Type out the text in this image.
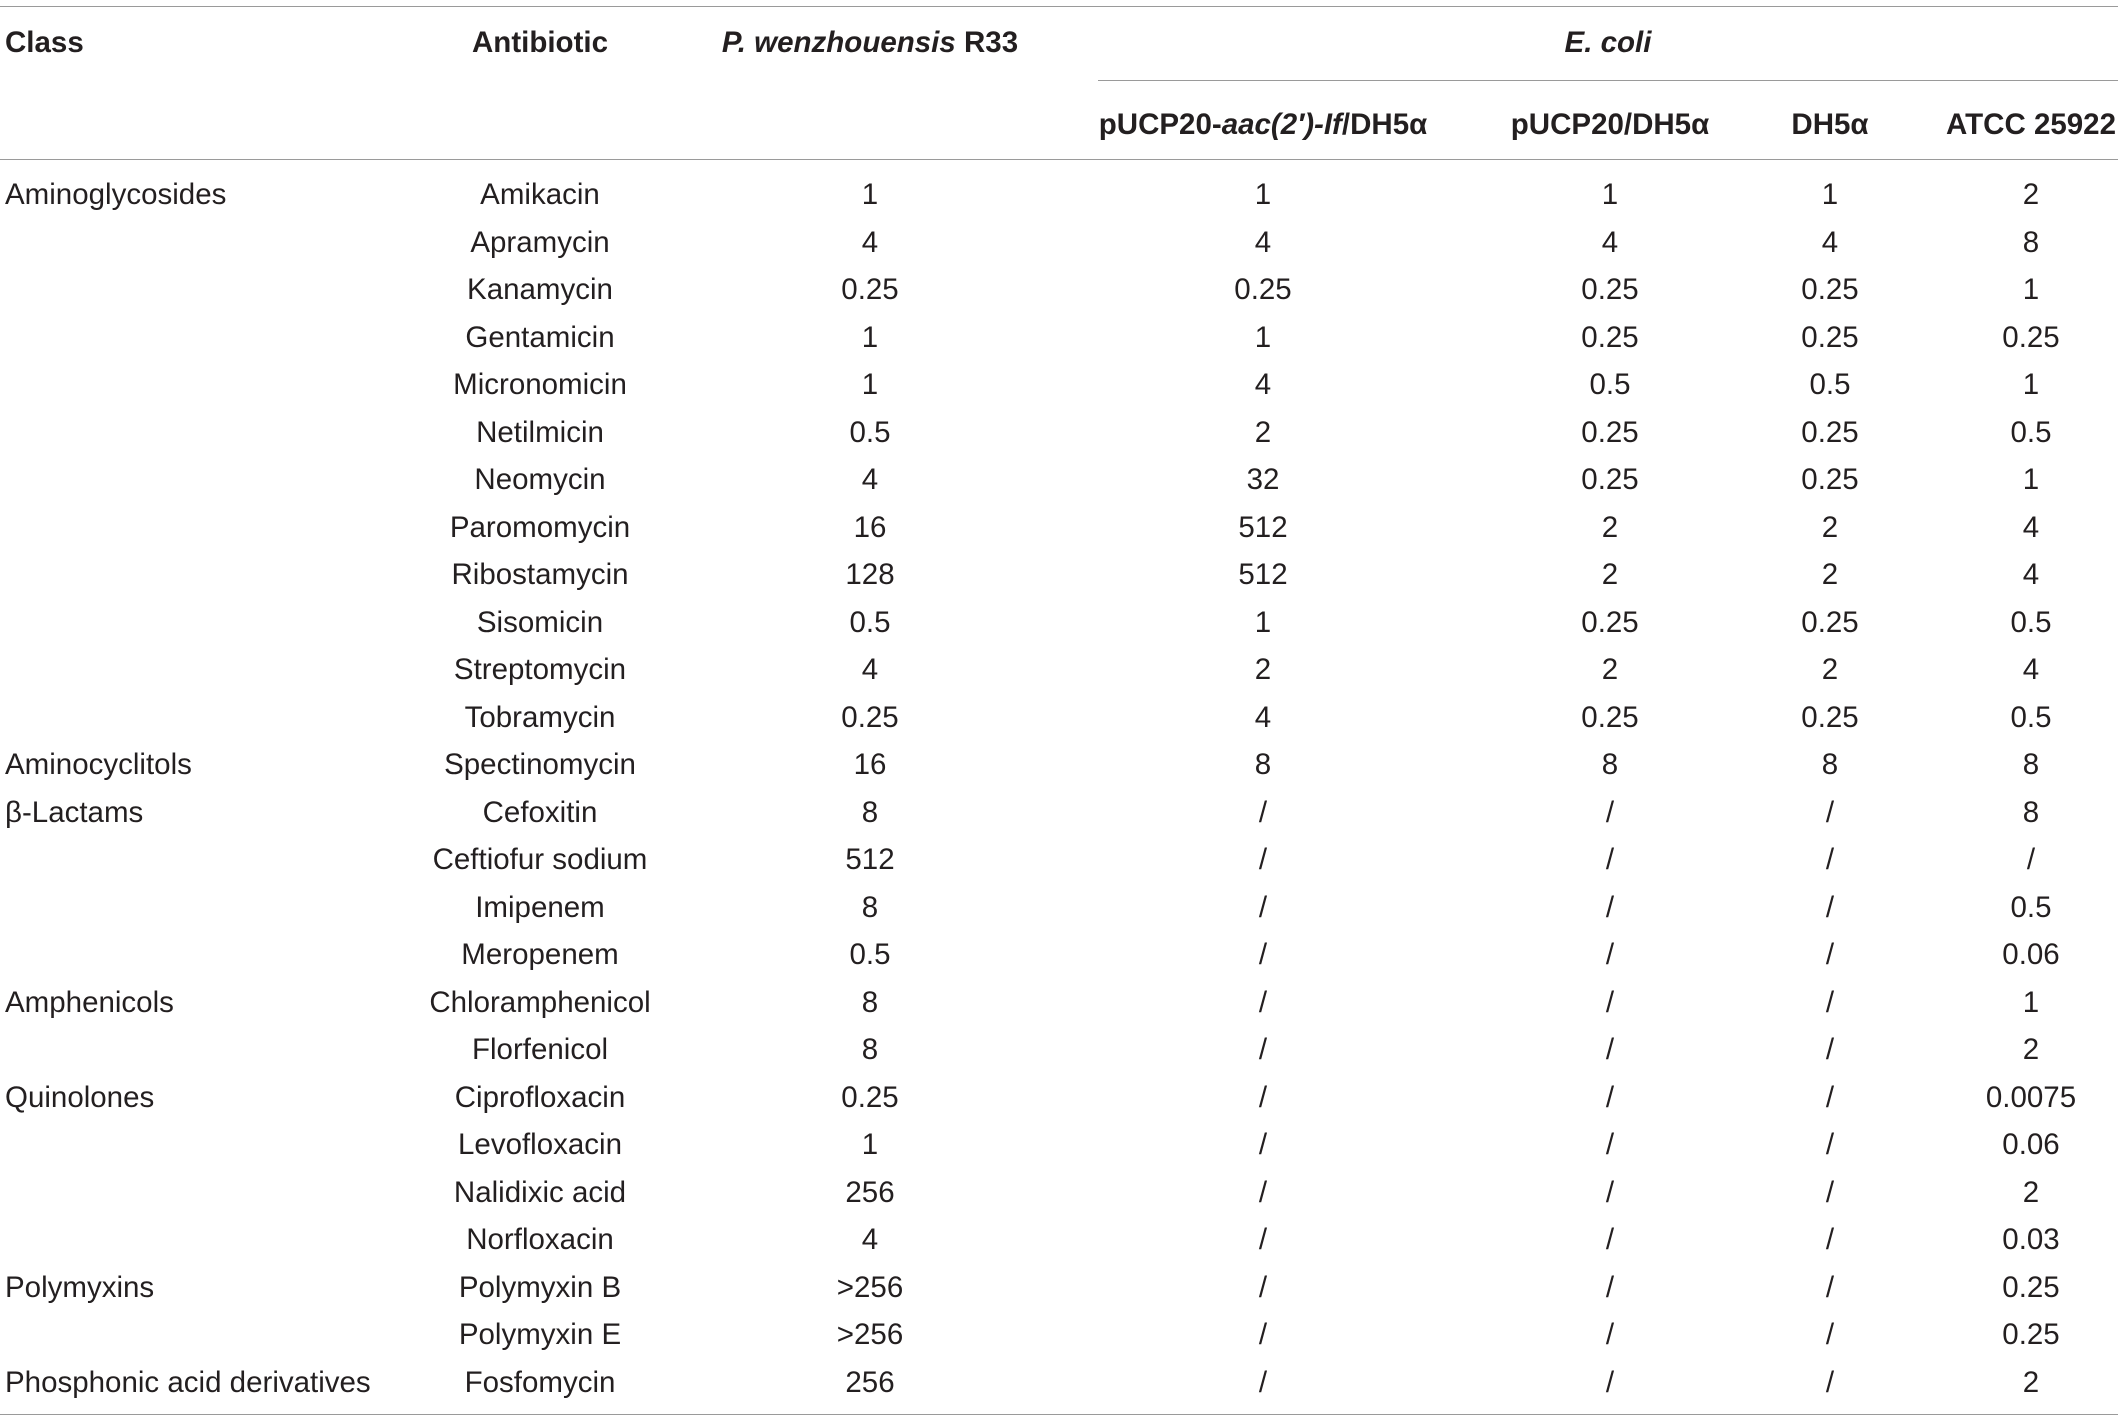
Class	Antibiotic	P. wenzhouensis R33	E. coli
pUCP20-aac(2′)-If/DH5α	pUCP20/DH5α	DH5α	ATCC 25922
Aminoglycosides	Amikacin	1	1	1	1	2
Apramycin	4	4	4	4	8
Kanamycin	0.25	0.25	0.25	0.25	1
Gentamicin	1	1	0.25	0.25	0.25
Micronomicin	1	4	0.5	0.5	1
Netilmicin	0.5	2	0.25	0.25	0.5
Neomycin	4	32	0.25	0.25	1
Paromomycin	16	512	2	2	4
Ribostamycin	128	512	2	2	4
Sisomicin	0.5	1	0.25	0.25	0.5
Streptomycin	4	2	2	2	4
Tobramycin	0.25	4	0.25	0.25	0.5
Aminocyclitols	Spectinomycin	16	8	8	8	8
β-Lactams	Cefoxitin	8	/	/	/	8
Ceftiofur sodium	512	/	/	/	/
Imipenem	8	/	/	/	0.5
Meropenem	0.5	/	/	/	0.06
Amphenicols	Chloramphenicol	8	/	/	/	1
Florfenicol	8	/	/	/	2
Quinolones	Ciprofloxacin	0.25	/	/	/	0.0075
Levofloxacin	1	/	/	/	0.06
Nalidixic acid	256	/	/	/	2
Norfloxacin	4	/	/	/	0.03
Polymyxins	Polymyxin B	>256	/	/	/	0.25
Polymyxin E	>256	/	/	/	0.25
Phosphonic acid derivatives	Fosfomycin	256	/	/	/	2
